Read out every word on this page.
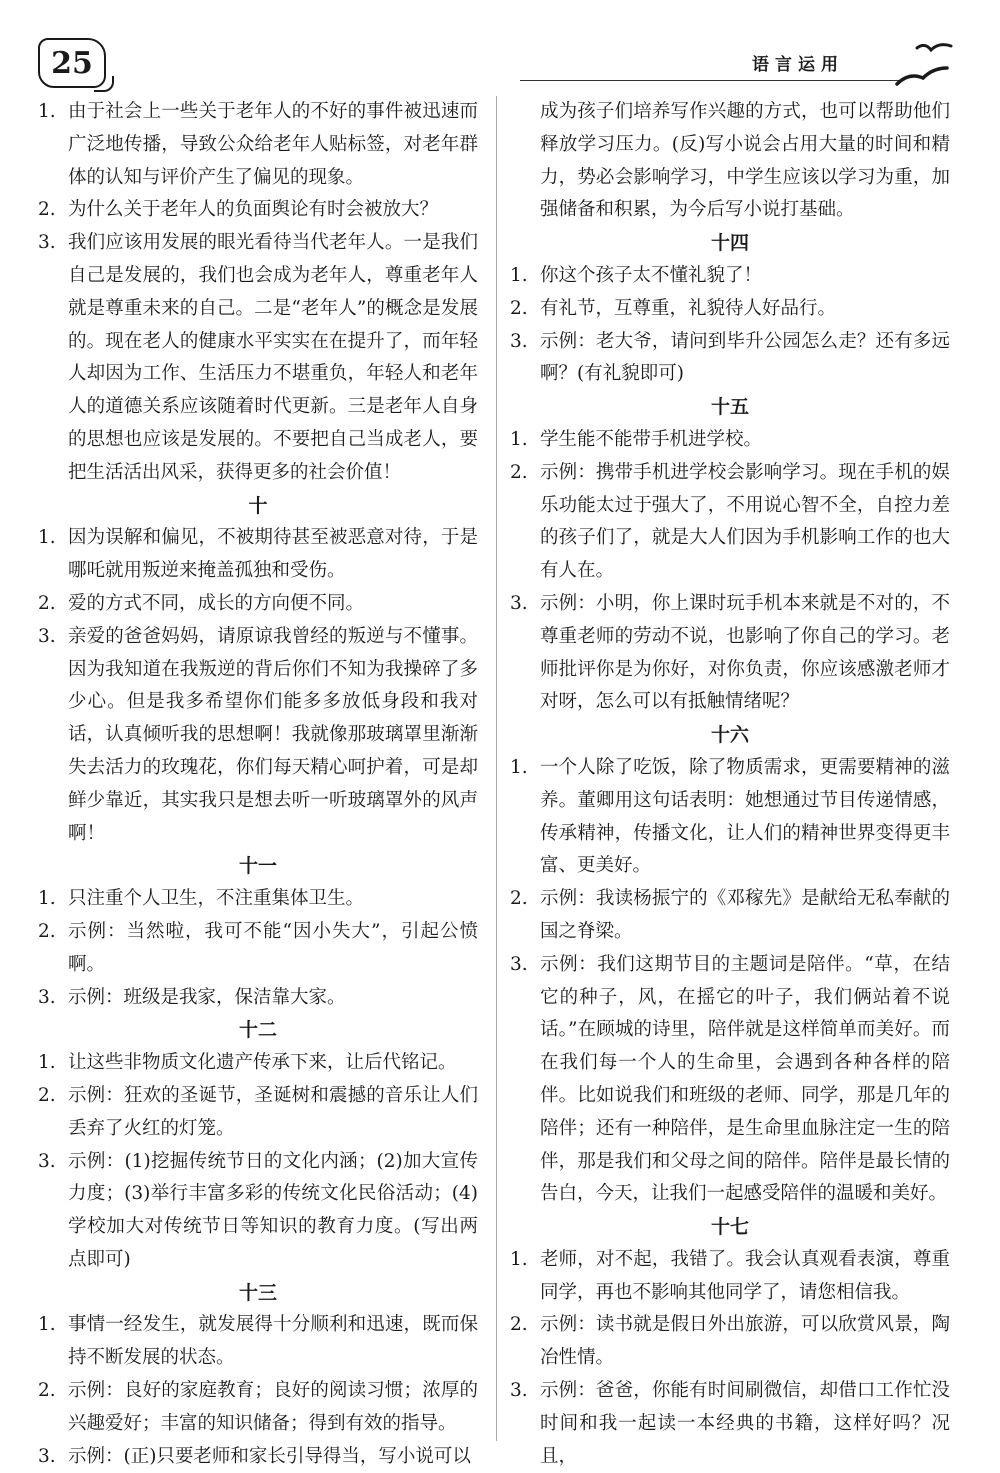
25	语言运用
1. 由于社会上一些关于老年人的不好的事件被迅速而广泛地传播，导致公众给老年人贴标签，对老年群体的认知与评价产生了偏见的现象。
2. 为什么关于老年人的负面舆论有时会被放大？
3. 我们应该用发展的眼光看待当代老年人。一是我们自己是发展的，我们也会成为老年人，尊重老年人就是尊重未来的自己。二是“老年人”的概念是发展的。现在老人的健康水平实实在在提升了，而年轻人却因为工作、生活压力不堪重负，年轻人和老年人的道德关系应该随着时代更新。三是老年人自身的思想也应该是发展的。不要把自己当成老人，要把生活活出风采，获得更多的社会价值！
十
1. 因为误解和偏见，不被期待甚至被恶意对待，于是哪吒就用叛逆来掩盖孤独和受伤。
2. 爱的方式不同，成长的方向便不同。
3. 亲爱的爸爸妈妈，请原谅我曾经的叛逆与不懂事。因为我知道在我叛逆的背后你们不知为我操碎了多少心。但是我多希望你们能多多放低身段和我对话，认真倾听我的思想啊！我就像那玻璃罩里渐渐失去活力的玫瑰花，你们每天精心呵护着，可是却鲜少靠近，其实我只是想去听一听玻璃罩外的风声啊！
十一
1. 只注重个人卫生，不注重集体卫生。
2. 示例：当然啦，我可不能“因小失大”，引起公愤啊。
3. 示例：班级是我家，保洁靠大家。
十二
1. 让这些非物质文化遗产传承下来，让后代铭记。
2. 示例：狂欢的圣诞节，圣诞树和震撼的音乐让人们丢弃了火红的灯笼。
3. 示例：(1)挖掘传统节日的文化内涵；(2)加大宣传力度；(3)举行丰富多彩的传统文化民俗活动；(4)学校加大对传统节日等知识的教育力度。(写出两点即可)
十三
1. 事情一经发生，就发展得十分顺利和迅速，既而保持不断发展的状态。
2. 示例：良好的家庭教育；良好的阅读习惯；浓厚的兴趣爱好；丰富的知识储备；得到有效的指导。
3. 示例：(正)只要老师和家长引导得当，写小说可以
成为孩子们培养写作兴趣的方式，也可以帮助他们释放学习压力。(反)写小说会占用大量的时间和精力，势必会影响学习，中学生应该以学习为重，加强储备和积累，为今后写小说打基础。
十四
1. 你这个孩子太不懂礼貌了！
2. 有礼节，互尊重，礼貌待人好品行。
3. 示例：老大爷，请问到毕升公园怎么走？还有多远啊？(有礼貌即可)
十五
1. 学生能不能带手机进学校。
2. 示例：携带手机进学校会影响学习。现在手机的娱乐功能太过于强大了，不用说心智不全，自控力差的孩子们了，就是大人们因为手机影响工作的也大有人在。
3. 示例：小明，你上课时玩手机本来就是不对的，不尊重老师的劳动不说，也影响了你自己的学习。老师批评你是为你好，对你负责，你应该感激老师才对呀，怎么可以有抵触情绪呢？
十六
1. 一个人除了吃饭，除了物质需求，更需要精神的滋养。董卿用这句话表明：她想通过节目传递情感，传承精神，传播文化，让人们的精神世界变得更丰富、更美好。
2. 示例：我读杨振宁的《邓稼先》是献给无私奉献的国之脊梁。
3. 示例：我们这期节目的主题词是陪伴。“草，在结它的种子，风，在摇它的叶子，我们俩站着不说话。”在顾城的诗里，陪伴就是这样简单而美好。而在我们每一个人的生命里，会遇到各种各样的陪伴。比如说我们和班级的老师、同学，那是几年的陪伴；还有一种陪伴，是生命里血脉注定一生的陪伴，那是我们和父母之间的陪伴。陪伴是最长情的告白，今天，让我们一起感受陪伴的温暖和美好。
十七
1. 老师，对不起，我错了。我会认真观看表演，尊重同学，再也不影响其他同学了，请您相信我。
2. 示例：读书就是假日外出旅游，可以欣赏风景，陶冶性情。
3. 示例：爸爸，你能有时间刷微信，却借口工作忙没时间和我一起读一本经典的书籍，这样好吗？况且，
